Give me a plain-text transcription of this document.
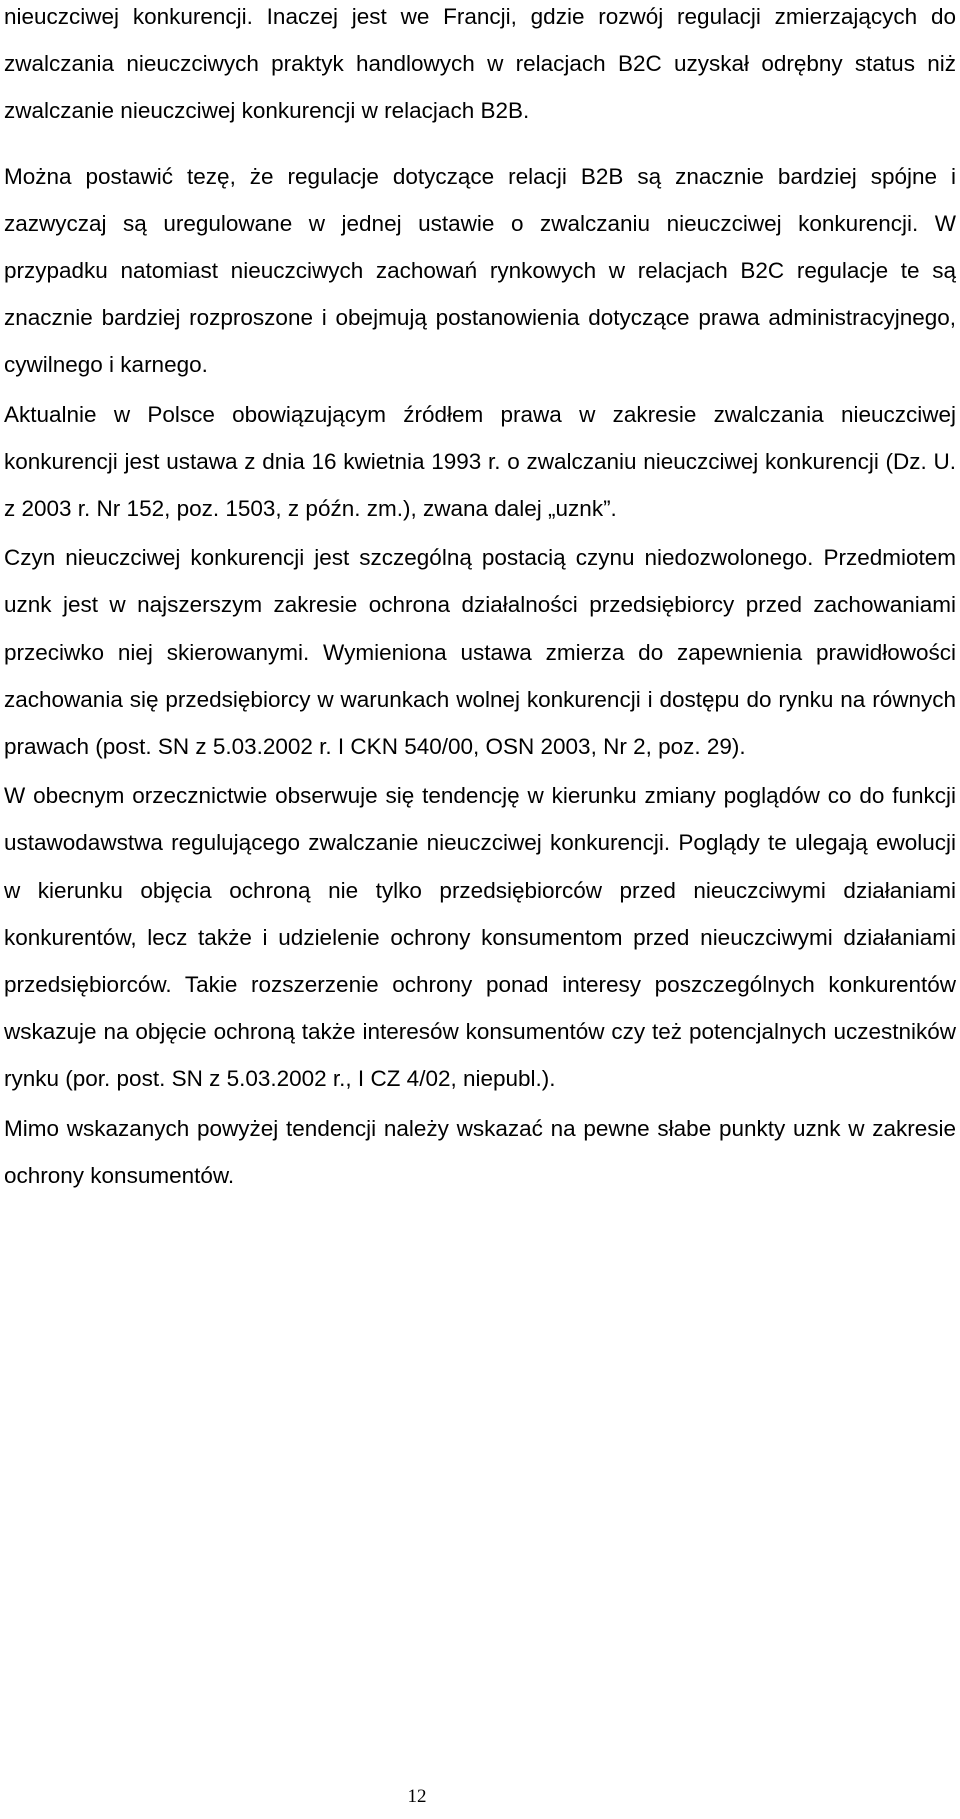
nieuczciwej konkurencji. Inaczej jest we Francji, gdzie rozwój regulacji zmierzających do zwalczania nieuczciwych praktyk handlowych w relacjach B2C uzyskał odrębny status niż zwalczanie nieuczciwej konkurencji w relacjach B2B.

Można postawić tezę, że regulacje dotyczące relacji B2B są znacznie bardziej spójne i zazwyczaj są uregulowane w jednej ustawie o zwalczaniu nieuczciwej konkurencji. W przypadku natomiast nieuczciwych zachowań rynkowych w relacjach B2C regulacje te są znacznie bardziej rozproszone i obejmują postanowienia dotyczące prawa administracyjnego, cywilnego i karnego.

Aktualnie w Polsce obowiązującym źródłem prawa w zakresie zwalczania nieuczciwej konkurencji jest ustawa z dnia 16 kwietnia 1993 r. o zwalczaniu nieuczciwej konkurencji (Dz. U. z 2003 r. Nr 152, poz. 1503, z późn. zm.), zwana dalej „uznk”.

Czyn nieuczciwej konkurencji jest szczególną postacią czynu niedozwolonego. Przedmiotem uznk jest w najszerszym zakresie ochrona działalności przedsiębiorcy przed zachowaniami przeciwko niej skierowanymi. Wymieniona ustawa zmierza do zapewnienia prawidłowości zachowania się przedsiębiorcy w warunkach wolnej konkurencji i dostępu do rynku na równych prawach (post. SN z 5.03.2002 r. I CKN 540/00, OSN 2003, Nr 2, poz. 29).

W obecnym orzecznictwie obserwuje się tendencję w kierunku zmiany poglądów co do funkcji ustawodawstwa regulującego zwalczanie nieuczciwej konkurencji. Poglądy te ulegają ewolucji w kierunku objęcia ochroną nie tylko przedsiębiorców przed nieuczciwymi działaniami konkurentów, lecz także i udzielenie ochrony konsumentom przed nieuczciwymi działaniami przedsiębiorców. Takie rozszerzenie ochrony ponad interesy poszczególnych konkurentów wskazuje na objęcie ochroną także interesów konsumentów czy też potencjalnych uczestników rynku (por. post. SN z 5.03.2002 r., I CZ 4/02, niepubl.).

Mimo wskazanych powyżej tendencji należy wskazać na pewne słabe punkty uznk w zakresie ochrony konsumentów.

12
